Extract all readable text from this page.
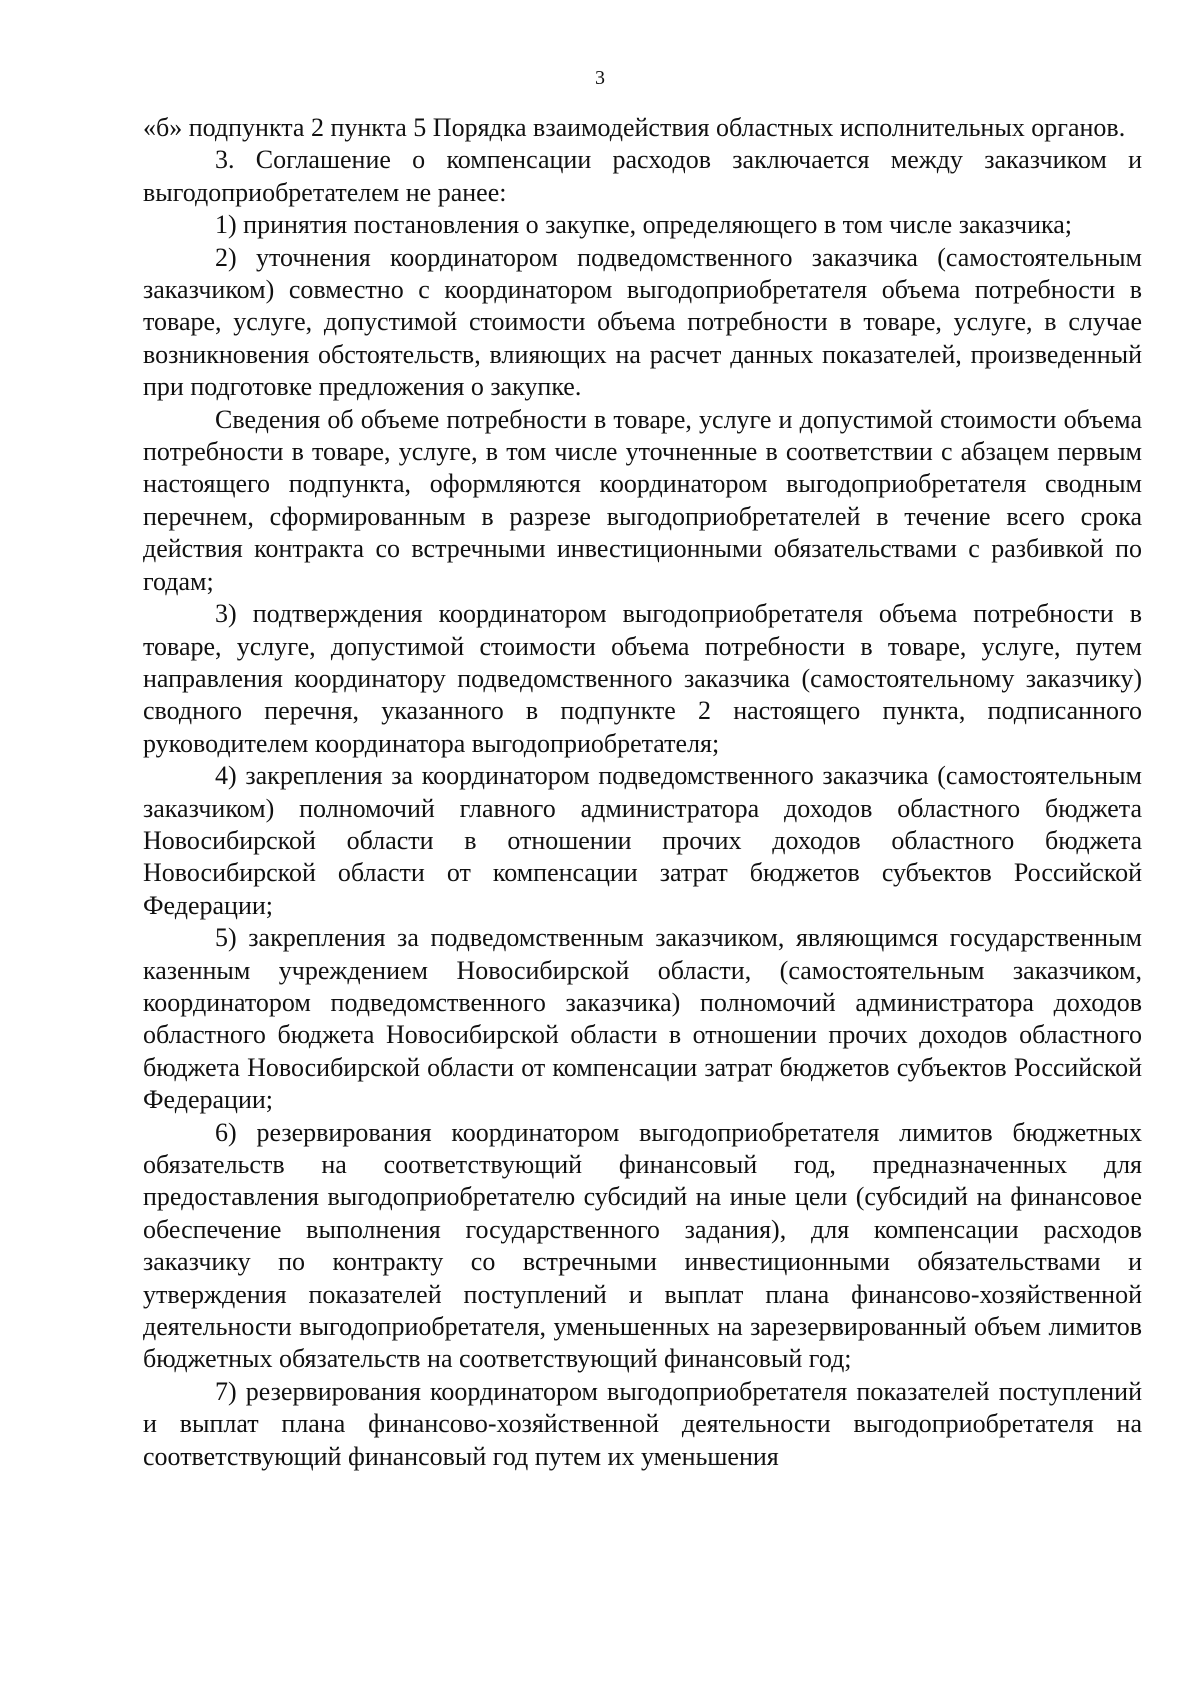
3

«б» подпункта 2 пункта 5 Порядка взаимодействия областных исполнительных органов.

3. Соглашение о компенсации расходов заключается между заказчиком и выгодоприобретателем не ранее:

1) принятия постановления о закупке, определяющего в том числе заказчика;

2) уточнения координатором подведомственного заказчика (самостоятельным заказчиком) совместно с координатором выгодоприобретателя объема потребности в товаре, услуге, допустимой стоимости объема потребности в товаре, услуге, в случае возникновения обстоятельств, влияющих на расчет данных показателей, произведенный при подготовке предложения о закупке.

Сведения об объеме потребности в товаре, услуге и допустимой стоимости объема потребности в товаре, услуге, в том числе уточненные в соответствии с абзацем первым настоящего подпункта, оформляются координатором выгодоприобретателя сводным перечнем, сформированным в разрезе выгодоприобретателей в течение всего срока действия контракта со встречными инвестиционными обязательствами с разбивкой по годам;

3) подтверждения координатором выгодоприобретателя объема потребности в товаре, услуге, допустимой стоимости объема потребности в товаре, услуге, путем направления координатору подведомственного заказчика (самостоятельному заказчику) сводного перечня, указанного в подпункте 2 настоящего пункта, подписанного руководителем координатора выгодоприобретателя;

4) закрепления за координатором подведомственного заказчика (самостоятельным заказчиком) полномочий главного администратора доходов областного бюджета Новосибирской области в отношении прочих доходов областного бюджета Новосибирской области от компенсации затрат бюджетов субъектов Российской Федерации;

5) закрепления за подведомственным заказчиком, являющимся государственным казенным учреждением Новосибирской области, (самостоятельным заказчиком, координатором подведомственного заказчика) полномочий администратора доходов областного бюджета Новосибирской области в отношении прочих доходов областного бюджета Новосибирской области от компенсации затрат бюджетов субъектов Российской Федерации;

6) резервирования координатором выгодоприобретателя лимитов бюджетных обязательств на соответствующий финансовый год, предназначенных для предоставления выгодоприобретателю субсидий на иные цели (субсидий на финансовое обеспечение выполнения государственного задания), для компенсации расходов заказчику по контракту со встречными инвестиционными обязательствами и утверждения показателей поступлений и выплат плана финансово-хозяйственной деятельности выгодоприобретателя, уменьшенных на зарезервированный объем лимитов бюджетных обязательств на соответствующий финансовый год;

7) резервирования координатором выгодоприобретателя показателей поступлений и выплат плана финансово-хозяйственной деятельности выгодоприобретателя на соответствующий финансовый год путем их уменьшения
